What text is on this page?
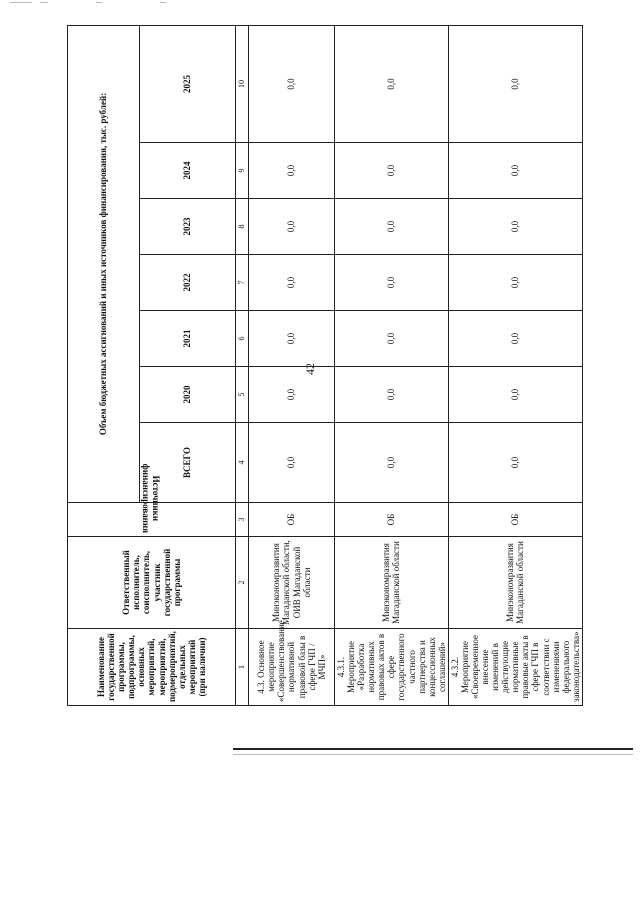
42
Наименование государственной программы, подпрограммы, основных мероприятий, мероприятий, подмероприятий, отдельных мероприятий (при наличии)	Ответственный исполнитель, соисполнитель, участник государственной программы	Источники финансирования	Объем бюджетных ассигнований и иных источников финансирования, тыс. рублей:						
			ВСЕГО	2020	2021	2022	2023	2024	2025
1	2	3	4	5	6	7	8	9	10
4.3. Основное мероприятие «Совершенствование нормативной правовой базы в сфере ГЧП / МЧП»	Минэкономразвития Магаданской области, ОИВ Магаданской области	ОБ	0,0	0,0	0,0	0,0	0,0	0,0	0,0
4.3.1. Мероприятие «Разработка нормативных правовых актов в сфере государственного частного партнерства и концессионных соглашений»	Минэкономразвития Магаданской области	ОБ	0,0	0,0	0,0	0,0	0,0	0,0	0,0
4.3.2. Мероприятие «Своевременное внесение изменений в действующие нормативные правовые акты в сфере ГЧП в соответствии с изменениями федерального законодательства»	Минэкономразвития Магаданской области	ОБ	0,0	0,0	0,0	0,0	0,0	0,0	0,0
